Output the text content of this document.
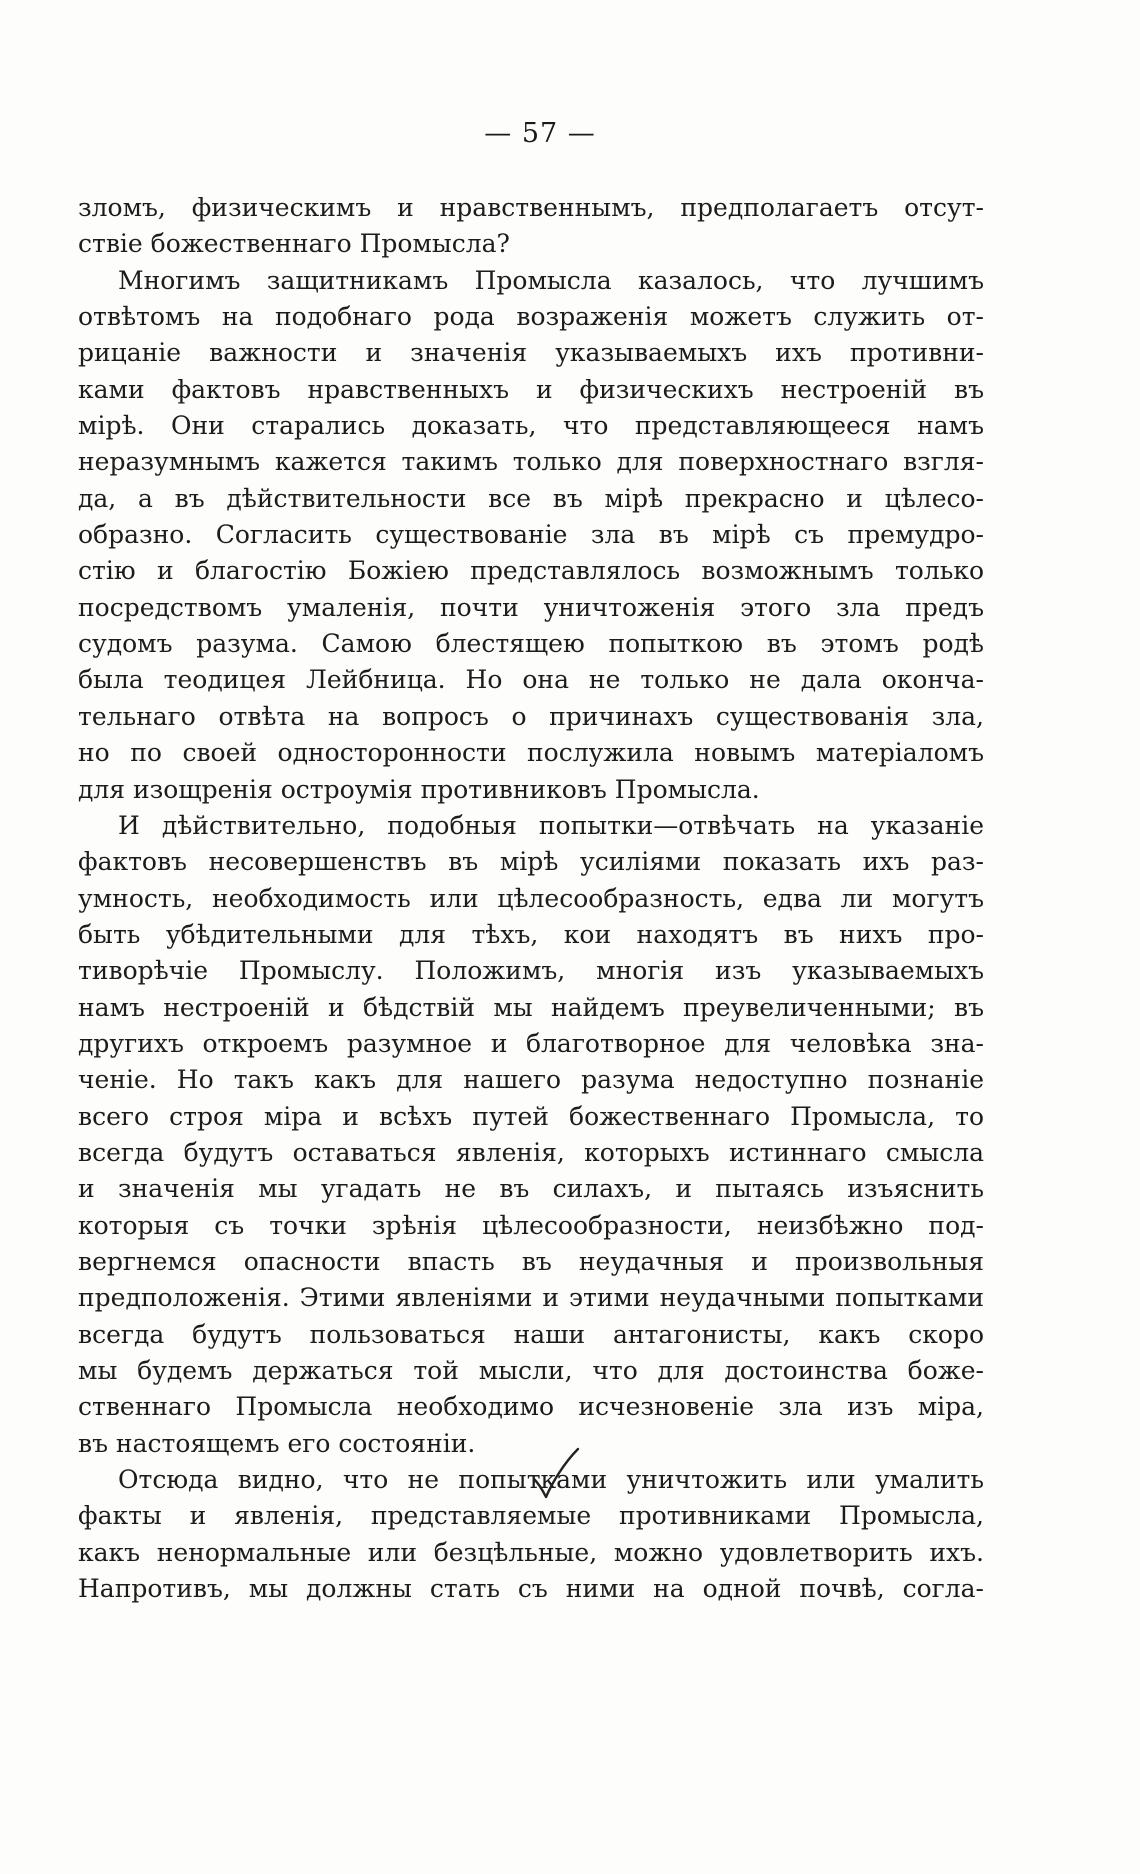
— 57 —
зломъ, физическимъ и нравственнымъ, предполагаетъ отсут-
ствіе божественнаго Промысла?
Многимъ защитникамъ Промысла казалось, что лучшимъ
отвѣтомъ на подобнаго рода возраженія можетъ служить от-
рицаніе важности и значенія указываемыхъ ихъ противни-
ками фактовъ нравственныхъ и физическихъ нестроеній въ
мірѣ. Они старались доказать, что представляющееся намъ
неразумнымъ кажется такимъ только для поверхностнаго взгля-
да, а въ дѣйствительности все въ мірѣ прекрасно и цѣлесо-
образно. Согласить существованіе зла въ мірѣ съ премудро-
стію и благостію Божіею представлялось возможнымъ только
посредствомъ умаленія, почти уничтоженія этого зла предъ
судомъ разума. Самою блестящею попыткою въ этомъ родѣ
была теодицея Лейбница. Но она не только не дала оконча-
тельнаго отвѣта на вопросъ о причинахъ существованія зла,
но по своей односторонности послужила новымъ матеріаломъ
для изощренія остроумія противниковъ Промысла.
И дѣйствительно, подобныя попытки—отвѣчать на указаніе
фактовъ несовершенствъ въ мірѣ усиліями показать ихъ раз-
умность, необходимость или цѣлесообразность, едва ли могутъ
быть убѣдительными для тѣхъ, кои находятъ въ нихъ про-
тиворѣчіе Промыслу. Положимъ, многія изъ указываемыхъ
намъ нестроеній и бѣдствій мы найдемъ преувеличенными; въ
другихъ откроемъ разумное и благотворное для человѣка зна-
ченіе. Но такъ какъ для нашего разума недоступно познаніе
всего строя міра и всѣхъ путей божественнаго Промысла, то
всегда будутъ оставаться явленія, которыхъ истиннаго смысла
и значенія мы угадать не въ силахъ, и пытаясь изъяснить
которыя съ точки зрѣнія цѣлесообразности, неизбѣжно под-
вергнемся опасности впасть въ неудачныя и произвольныя
предположенія. Этими явленіями и этими неудачными попытками
всегда будутъ пользоваться наши антагонисты, какъ скоро
мы будемъ держаться той мысли, что для достоинства боже-
ственнаго Промысла необходимо исчезновеніе зла изъ міра,
въ настоящемъ его состояніи.
Отсюда видно, что не попытками уничтожить или умалить
факты и явленія, представляемые противниками Промысла,
какъ ненормальные или безцѣльные, можно удовлетворить ихъ.
Напротивъ, мы должны стать съ ними на одной почвѣ, согла-
